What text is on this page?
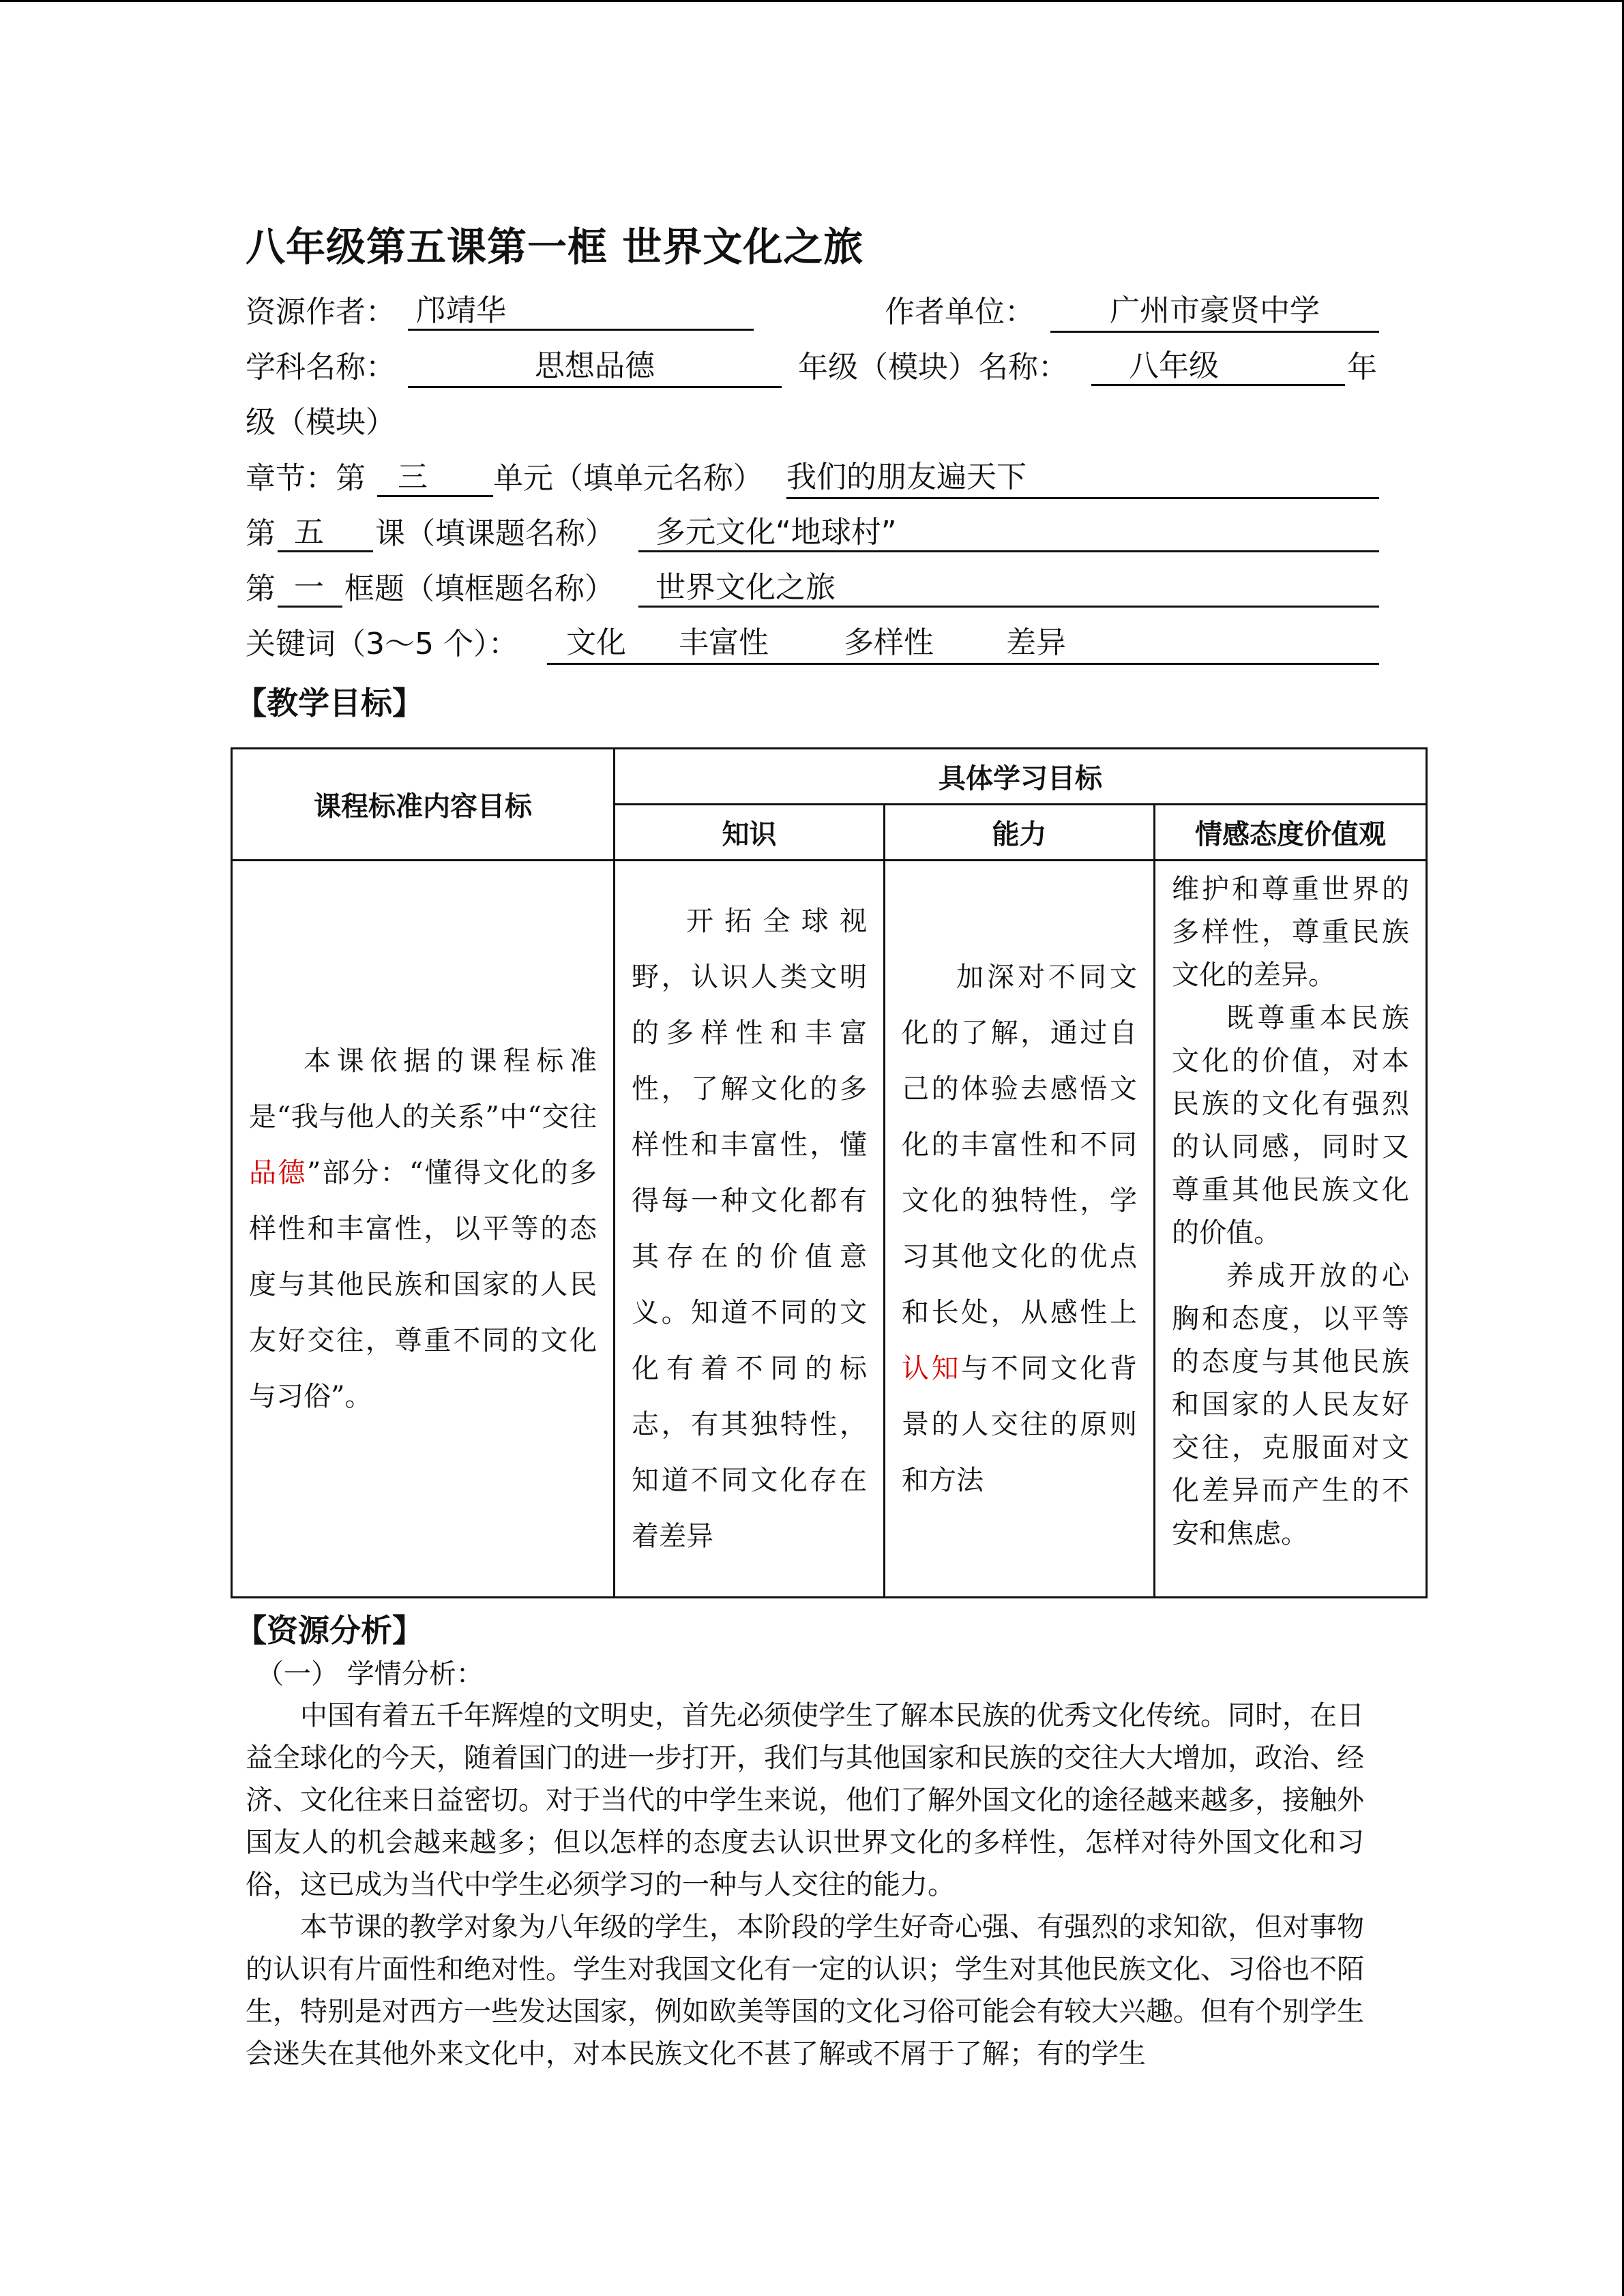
八年级第五课第一框 世界文化之旅
资源作者： 邝靖华	作者单位：	广州市豪贤中学
学科名称：	思想品德	年级（模块）名称：	八年级	年
级（模块）
章节：第	三	单元（填单元名称） 我们的朋友遍天下
第 五	课（填课题名称）	多元文化“地球村”
第 一 框题（填框题名称）	世界文化之旅
关键词（3～5 个）： 文化 丰富性	多样性 差异
【教学目标】
课程标准内容目标	具体学习目标		
	知识	能力	情感态度价值观

本课依据的课程标准是“我与他人的关系”中“交往品德”部分：“懂得文化的多样性和丰富性，以平等的态度与其他民族和国家的人民友好交往，尊重不同的文化与习俗”。	开拓全球视野，认识人类文明的多样性和丰富性，了解文化的多样性和丰富性，懂得每一种文化都有其存在的价值意义。知道不同的文化有着不同的标志，有其独特性，知道不同文化存在着差异	加深对不同文化的了解，通过自己的体验去感悟文化的丰富性和不同文化的独特性，学习其他文化的优点和长处，从感性上认知与不同文化背景的人交往的原则和方法	维护和尊重世界的多样性，尊重民族文化的差异。

既尊重本民族文化的价值，对本民族的文化有强烈的认同感，同时又尊重其他民族文化的价值。

养成开放的心胸和态度，以平等的态度与其他民族和国家的人民友好交往，克服面对文化差异而产生的不安和焦虑。

【资源分析】
（一） 学情分析：

中国有着五千年辉煌的文明史，首先必须使学生了解本民族的优秀文化传统。同时，在日益全球化的今天，随着国门的进一步打开，我们与其他国家和民族的交往大大增加，政治、经济、文化往来日益密切。对于当代的中学生来说，他们了解外国文化的途径越来越多，接触外国友人的机会越来越多；但以怎样的态度去认识世界文化的多样性，怎样对待外国文化和习俗，这已成为当代中学生必须学习的一种与人交往的能力。

本节课的教学对象为八年级的学生，本阶段的学生好奇心强、有强烈的求知欲，但对事物的认识有片面性和绝对性。学生对我国文化有一定的认识；学生对其他民族文化、习俗也不陌生，特别是对西方一些发达国家，例如欧美等国的文化习俗可能会有较大兴趣。但有个别学生会迷失在其他外来文化中，对本民族文化不甚了解或不屑于了解；有的学生
